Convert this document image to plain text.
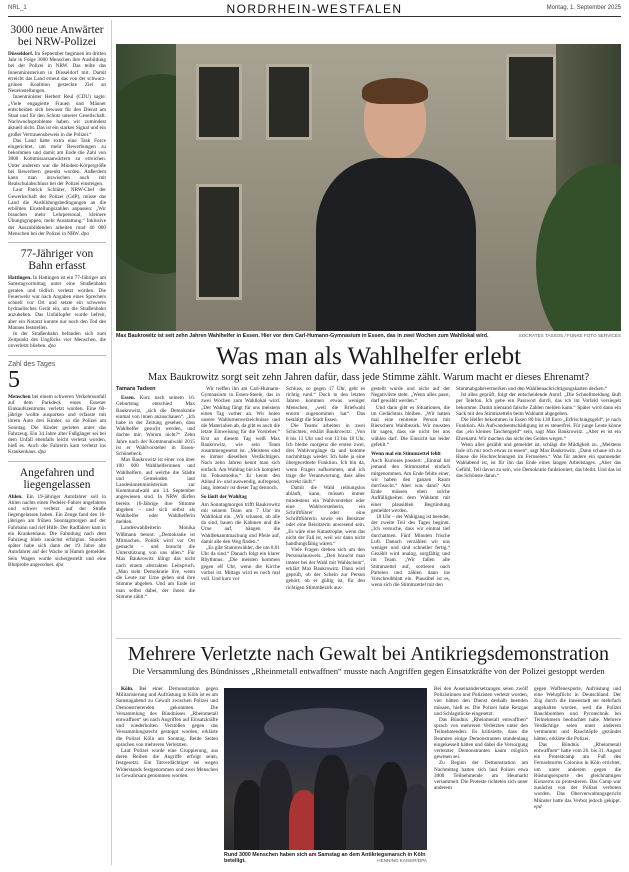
NRL_1	NORDRHEIN-WESTFALEN	Montag, 1. September 2025
3000 neue Anwärter bei NRW-Polizei

Düsseldorf. Im September beginnen im dritten Jahr in Folge 3000 Menschen ihre Ausbildung bei der Polizei in NRW. Das teilte das Innenministerium in Düsseldorf mit. Damit erreicht das Land erneut das von der schwarz-grünen Koalition gesteckte Ziel an Neueinstellungen.

Innenminister Herbert Reul (CDU) sagte: „Viele engagierte Frauen und Männer entscheiden sich bewusst für den Dienst am Staat und für den Schutz unserer Gesellschaft. Nachwuchsprobleme haben wir zumindest aktuell nicht. Das ist ein starkes Signal und ein großer Vertrauensbeweis in die Polizei.“

Das Land hatte extra eine Task Force eingerichtet, um mehr Bewerbungen zu bekommen und damit am Ende die Zahl von 3000 Kommissarsanwärtern zu erreichen. Unter anderem war die Mindest-Körpergröße bei Bewerbern gesenkt worden. Außerdem kann man inzwischen auch mit Realschulabschluss bei der Polizei einsteigen.

Laut Patrick Schlüter, NRW-Chef der Gewerkschaft der Polizei (GdP), müsse das Land die Ausbildungsbedingungen an die erhöhten Einstellungszahlen anpassen: „Wir brauchen mehr Lehrpersonal, kleinere Übungsgruppen, mehr Ausstattung.“ Inklusive der Auszubildenden arbeiten rund 46 000 Menschen bei der Polizei in NRW. dpa

77-Jähriger von Bahn erfasst

Hattingen. In Hattingen ist ein 77-Jähriger am Samstagvormittag unter eine Straßenbahn geraten und tödlich verletzt worden. Die Feuerwehr war nach Angaben eines Sprechers schnell vor Ort und setzte ein schweres hydraulisches Gerät ein, um die Straßenbahn anzuheben. Das Unfallopfer wurde befreit, aber ein Notarzt konnte nur noch den Tod des Mannes feststellen.

In der Straßenbahn befanden sich zum Zeitpunkt des Unglücks vier Menschen, die unverletzt blieben. dpa

Zahl des Tages
5

Menschen bei einem schweren Verkehrsunfall auf dem Parkdeck eines Essener Einkaufszentrums verletzt worden. Eine 60-jährige wollte ausparken und erfasste mit ihrem Auto drei Kinder, so die Polizei am Sonntag. Die Kinder gerieten unter das Fahrzeug. Ein 34 Jahre alter Fußgänger sei bei dem Unfall ebenfalls leicht verletzt worden, hieß es. Auch die Fahrerin kam verletzt ins Krankenhaus. dpa

Angefahren und liegengelassen

Ahlen. Ein 19-jähriger Autofahrer soll in Ahlen nachts einen Pedelec-Fahrer angefahren und schwer verletzt auf der Straße liegengelassen haben. Ein Zeuge fand den 16-jährigen am frühen Sonntagmorgen auf der Fahrbahn und rief Hilfe. Der Radfahrer kam in ein Krankenhaus. Die Fahndung nach dem Fahrzeug blieb zunächst erfolglos. Stunden später habe sich dann der 19 Jahre alte Autofahrer auf der Wache in Hamm gemeldet. Sein Wagen wurde sichergestellt und eine Blutprobe angeordnet. dpa

Max Baukrowitz ist seit zehn Jahren Wahlhelfer in Essen. Hier vor dem Carl-Humann-Gymnasium in Essen, das in zwei Wochen zum Wahllokal wird.	SOCRATES TASSOS / FUNKE FOTO SERVICES
Was man als Wahlhelfer erlebt
Max Baukrowitz sorgt seit zehn Jahren dafür, dass jede Stimme zählt. Warum macht er dieses Ehrenamt?
Tamara Tadsen

Essen. Kurz nach seinem 16. Geburtstag entschied Max Baukrowitz, „sich die Demokratie einmal von innen anzuschauen“. „Ich habe in der Zeitung gesehen, dass Wahlhelfer gesucht werden, und dachte mir: Warum nicht?“ Zehn Jahre nach der Kommunalwahl 2015 ist er Wahlvorsteher in Essen-Schönebeck.

Max Baukrowitz ist einer von über 100 000 Wahlhelferinnen und Wahlhelfern, auf welche die Städte und Gemeinden laut Landesinnenministerium zur Kommunalwahl am 14. September angewiesen sind. In NRW dürfen bereits 16-Jährige ihre Stimme abgeben – und sich selbst als Wahlhelfer oder Wahlhelferin melden.

Landeswahlleiterin Monika Wißmann betont: „Demokratie ist Mitmachen. Politik wird vor Ort gemacht – und braucht die Unterstützung von uns allen.“ Für Max Baukrowitz klingt das nicht nach einem abstrakten Leitspruch. „Man sieht Demokratie live, wenn die Leute zur Urne gehen und ihre Stimme abgeben. Und am Ende ist man selbst dabei, der ihnen die Stimme zählt.“

Wir treffen ihn am Carl-Humann-Gymnasium in Essen-Steele, das in zwei Wochen zum Wahllokal wird. „Der Wahltag fängt für uns meistens einen Tag vorher an. Wir holen unsere Wahlurnenverzeichnisse und die Materialien ab, da gibt es auch die letzte Einweisung für die Vorsteher.“ Erst an diesem Tag weiß Max Baukrowitz, wie sein Team zusammengesetzt ist. „Meistens sind es immer dieselben Verdächtigen. Nach zehn Jahren kennt man sich einfach. Am Wahltag bin ich komplett im Fokusmodus.“ Er kennt den Ablauf in- und auswendig, aufregend, lang, intensiv ist dieser Tag dennoch.

So läuft der Wahltag

Am Sonntagmorgen trifft Baukrowitz mit seinem Team um 7 Uhr im Wahllokal ein. „Wir schauen, ob alle da sind, bauen die Kabinen und die Urne auf, hängen die Wahlbekanntmachung und Pfeile auf, damit alle den Weg finden.“

„Es gibt Stammwähler, die um 8.01 Uhr da sind.“ Danach folgt ein klarer Rhythmus. „Die meisten kommen gegen elf Uhr, wenn die Kirche vorbei ist. Mittags wird es noch mal voll. Und kurz vor

Schluss, so gegen 17 Uhr, geht es richtig rund.“ Doch in den letzten Jahren kommen etwas weniger Menschen, „weil die Briefwahl enorm zugenommen hat“. Das bestätigt die Stadt Essen.

Die Teams arbeiten in zwei Schichten, erklärt Baukrowitz: „Von 8 bis 13 Uhr und von 13 bis 18 Uhr. Ich bleibe morgens die ersten zwei, drei Wahlvorgänge da und komme nachmittags wieder. Ich habe ja eine übergeordnete Funktion. Ich bin da, wenn Fragen aufkommen, und ich trage die Verantwortung, dass alles korrekt läuft.“

Damit die Wahl reibungslos abläuft, kann, müssen immer mindestens ein Wahlvorsteher oder eine Wahlvorsteherin, ein Schriftführer oder eine Schriftführerin sowie ein Beisitzer oder eine Beisitzerin anwesend sein. „Es wäre eine Katastrophe, wenn das nicht der Fall ist, weil wir dann nicht handlungsfähig wären.“

Viele Fragen drehen sich um den Personalausweis. „Den braucht man immer bei der Wahl mit Wahlschein“, erklärt Max Baukrowitz. Dann wird geprüft, ob der Schein zur Person gehört, ob er gültig ist, für den richtigen Stimmbezirk aus-

gestellt wurde und nicht auf der Negativliste steht. „Wenn alles passt, darf gewählt werden.“

Und dann gibt es Situationen, die im Gedächtnis bleiben. „Wir hatten mal eine renitente Person mit Bierschem Wahlbezirk. Wir mussten ihr sagen, dass sie nicht bei uns wählen darf. Die Einsicht hat leider gefehlt.“

Wenn mal ein Stimmzettel fehlt

Auch Kurioses passiert: „Einmal hat jemand den Stimmzettel einfach mitgenommen. Am Ende fehlte einer, wir haben den ganzen Raum durchsucht.“ Aber was dann? Am Ende müssen eben solche Auffälligkeiten dem Wahlamt mit einer plausiblen Begründung gemeldet werden.

18 Uhr – der Wahlgang ist beendet, der zweite Teil des Tages beginnt. „Ich versuche, dass wir einmal tief durchatmen. Fünf Minuten frische Luft. Danach verzählen wir uns weniger und sind schneller fertig.“ Gezählt wird analog, sorgfältig und im Team. „Wir fallen alle Stimmzettel auf, sortieren nach Parteien und zählen dann ins Vorschreibblatt ein. Plausibel ist es, wenn sich die Stimmzettel mit den

Stimmabgabevermerken und den Wahlbenachrichtigungskarten decken.“

Ist alles geprüft, folgt der entscheidende Anruf. „Die Schnellmeldung läuft per Telefon. Ich gebe ein Passwort durch, das ich im Vorfeld versiegelt bekomme. Damit niemand falsche Zahlen melden kann.“ Später wird dann ein Sack mit den Stimmzetteln beim Wahlamt abgegeben.

Die Helfer bekommen in Essen 80 bis 130 Euro „Erfrischungsgeld“, je nach Funktion. Als Aufwandsentschädigung ist es steuerfrei. Für junge Leute könne das „ein kleines Taschengeld“ sein, sagt Max Baukrowitz. „Aber es ist ein Ehrenamt. Wir machen das nicht des Geldes wegen.“

Wenn alles gezählt und gemeldet ist, schlägt die Müdigkeit zu. „Meistens hole ich mir noch etwas zu essen“, sagt Max Baukrowitz. „Dann schaue ich zu Hause die Hochrechnungen im Fernsehen.“ Was für andere ein spannender Wahlabend ist, ist für ihn das Ende eines langen Arbeitstages. „Aber das Gefühl, Teil davon zu sein, wie Demokratie funktioniert, das bleibt. Und das ist das Schönste daran.“

Mehrere Verletzte nach Gewalt bei Antikriegsdemonstration
Die Versammlung des Bündnisses „Rheinmetall entwaffnen“ musste nach Angriffen gegen Einsatzkräfte von der Polizei gestoppt werden
Rund 3000 Menschen haben sich am Samstag an dem Antikriegsmarsch in Köln beteiligt.	HENNING KAISER/DPA

Köln. Bei einer Demonstration gegen Militarisierung und Aufrüstung in Köln ist es am Samstagabend zu Gewalt zwischen Polizei und Demonstrierenden gekommen. Die Versammlung des Bündnisses „Rheinmetall entwaffnen“ sei nach Angriffen auf Einsatzkräfte und wiederholten Verstößen gegen das Versammlungsrecht gestoppt worden, erklärte die Polizei Köln am Sonntag. Beide Seiten sprachen von mehreren Verletzten.

Laut Polizei wurde eine Gruppierung, aus deren Reihen die Angriffe erfolgt seien, festgesetzt. Ein Tatverdächtiger sei wegen Widerstands festgenommen und zwei Menschen in Gewahrsam genommen worden.

Bei den Auseinandersetzungen seien zwölf Polizistinnen und Polizisten verletzt worden, vier hätten den Dienst deshalb beenden müssen, hieß es. Die Polizei habe Reizgas und Schlagstöcke eingesetzt.

Das Bündnis „Rheinmetall entwaffnen“ sprach von mehreren Verletzten unter den Teilnehmenden. Es kritisierte, dass die Beamten einige Demonstranten stundenlang eingekesselt hätten und dabei die Versorgung verletzter Demonstranten kaum möglich gewesen sei.

Zu Beginn der Demonstration am Nachmittag hatten sich laut Polizei etwa 3000 Teilnehmende am Heumarkt versammelt. Die Proteste richteten sich unter anderem

gegen Waffenexporte, Aufrüstung und eine Wehrpflicht in Deutschland. Der Zug durch die Innenstadt sei mehrfach angehalten worden, weil die Polizei Rauchbomben und Pyrotechnik bei Teilnehmern beobachtet habe. Mehrere Verdächtige seien unter anderem vermummt und Rauchtöpfe gezündet hätten, erklärte die Polizei.

Das Bündnis „Rheinmetall entwaffnen“ hatte vom 26. bis 31. August ein Protestcamp am Fuß des Fernsehturms Colonius in Köln errichtet, um unter anderem gegen die Rüstungsexporte des gleichnamigen Konzerns zu protestieren. Das Camp war zunächst von der Polizei verboten worden. Das Oberverwaltungsgericht Münster hatte das Verbot jedoch gekippt. epd
